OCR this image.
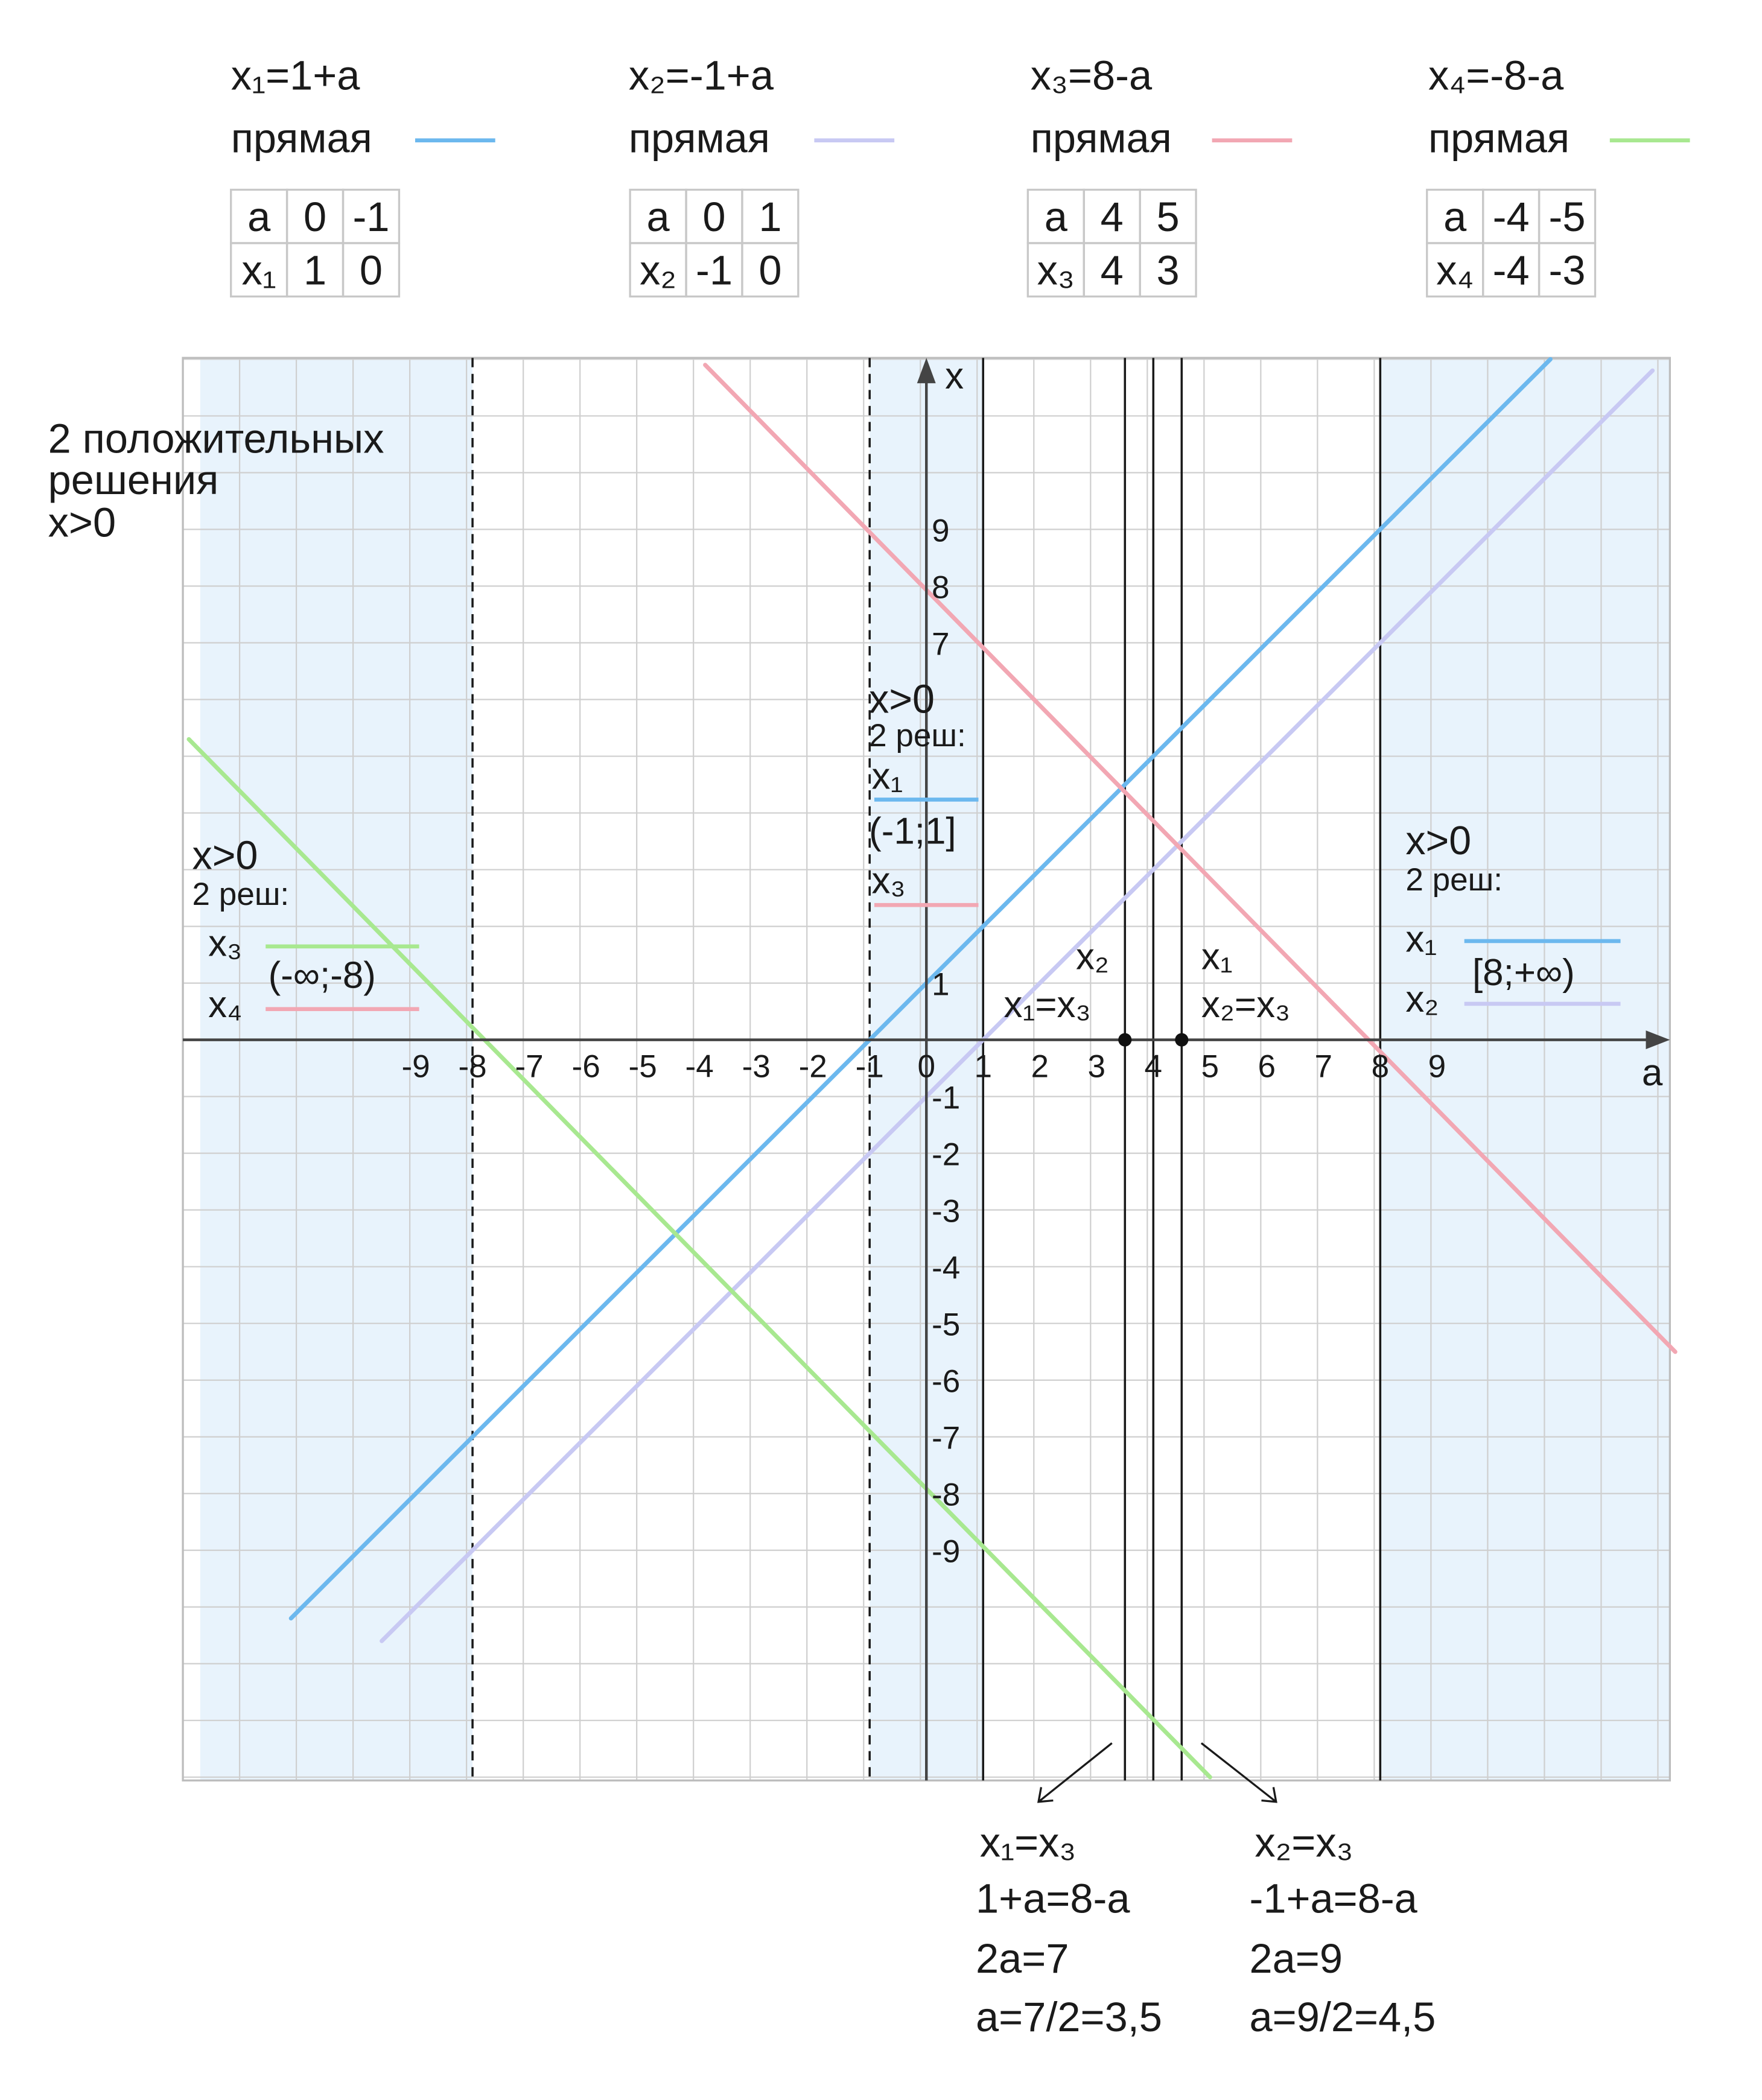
x₁=1+a
прямая
a 0 -1
x₁ 1 0
x₂=-1+a
прямая
a 0 1
x₂ -1 0
x₃=8-a
прямая
a 4 5
x₃ 4 3
x₄=-8-a
прямая
a -4 -5
x₄ -4 -3
a
x
-9 -8 -7 -6 -5 -4 -3 -2 -1 0	1	2	3	4	5	6	7	8	9
9
8
7
1
-1
-2
-3
-4
-5
-6
-7
-8
-9
2 положительных
решения
x>0
x>0
2 реш:
x₃
(-∞;-8)
x₄
x>0
2 реш:
x₁
(-1;1]
x₃
x>0
2 реш:
x₁
[8;+∞)
x₂
x₂
x₁=x₃
x₁
x₂=x₃
x₁=x₃
1+a=8-a
2a=7
a=7/2=3,5
x₂=x₃
-1+a=8-a
2a=9
a=9/2=4,5
